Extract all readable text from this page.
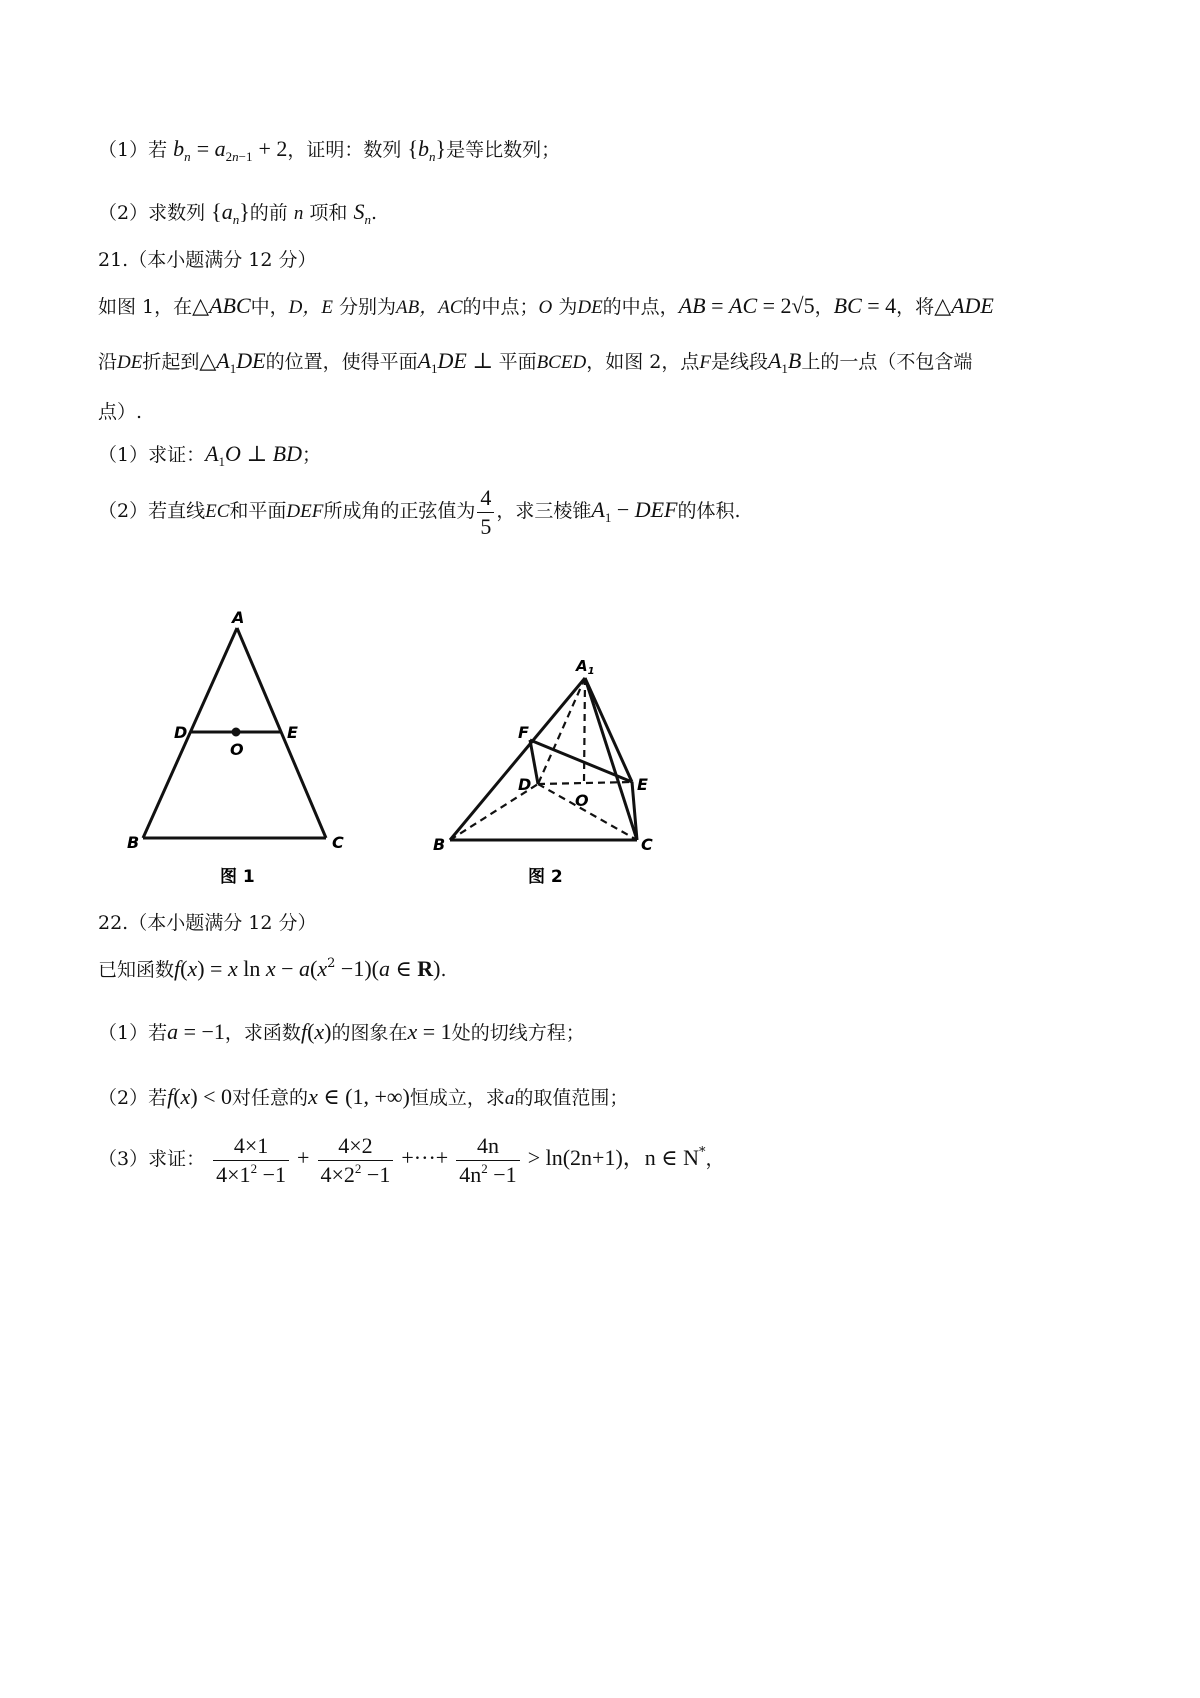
（1）若 $b_n = a_{2n-1} + 2$，证明：数列 $\{b_n\}$是等比数列；
（2）求数列 $\{a_n\}$的前 n 项和 $S_n$.
21.（本小题满分 12 分）
如图 1，在△ABC中，D，E 分别为AB，AC的中点；O 为DE的中点，AB = AC = 2√5，BC = 4，将△ADE
沿DE折起到$\triangle A_1DE$的位置，使得平面$A_1DE$ ⊥ 平面BCED，如图 2，点F是线段$A_1B$上的一点（不包含端
点）.
（1）求证：$A_1O$ ⊥ BD；
（2）若直线EC和平面DEF所成角的正弦值为 $\frac{4}{5}$ ，求三棱锥$A_1$ − DEF的体积.
A
B	C
D	E
O
图 1
$A_1$
B	C
D	E
F
O
图 2
22.（本小题满分 12 分）
已知函数f(x) = x $\ln x - a(x^2 -1)(a$ ∈ R).
（1）若a = −1，求函数f(x)的图象在x = 1处的切线方程；
（2）若f(x) < 0对任意的x ∈ (1, +∞)恒成立，求a的取值范围；
（3）求证： $\frac{4\times 1}{4\times 1^2 -1} + \frac{4\times 2}{4\times 2^2 -1}$ +···+ $\frac{4n}{4n^2 -1} > \ln(2n+1)$，n ∈ N*，
